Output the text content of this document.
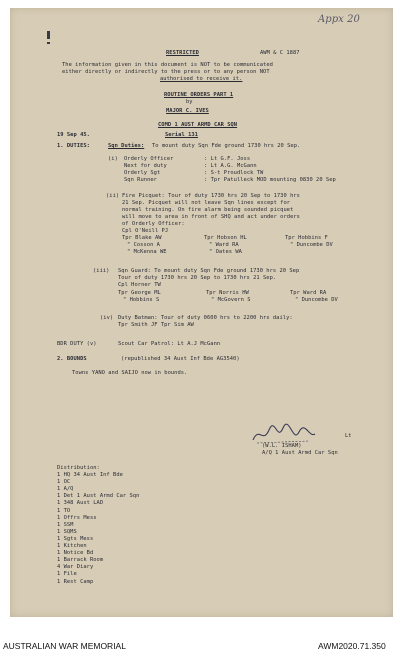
Appx 20
RESTRICTED	AWM & C 1887
The information given in this document is NOT to be communicated
either directly or indirectly to the press or to any person NOT
authorised to receive it.
ROUTINE ORDERS PART 1
by
MAJOR C. IVES
COMD 1 AUST ARMD CAR SQN
19 Sep 45.	Serial 131
1. DUTIES:	Sqn Duties: To mount duty Sqn Fde ground 1730 hrs 20 Sep.
(i) Orderly Officer	: Lt G.F. Joss
Next for duty	: Lt A.G. McGann
Orderly Sgt	: S-t Proudlock TW
Sqn Runner	: Tpr Patulleck MOD mounting 0830 20 Sep
(ii) Fire Picquet: Tour of duty 1730 hrs 20 Sep to 1730 hrs
21 Sep. Picquet will not leave Sqn lines except for
normal training. On fire alarm being sounded picquet
will move to area in front of SHQ and act under orders
of Orderly Officer:
Cpl O'Neill PJ
Tpr Blake AW	Tpr Hobson HL	Tpr Hobbins F
" Cosson A	" Ward RA	" Duncombe DV
" McKenna WE	" Oates WA
(iii) Sqn Guard: To mount duty Sqn Fde ground 1730 hrs 20 Sep
Tour of duty 1730 hrs 20 Sep to 1730 hrs 21 Sep.
Cpl Horner TW
Tpr George ML	Tpr Norris HW	Tpr Ward RA
" Hobbins S	" McGovern S	" Duncombe DV
(iv) Duty Batman: Tour of duty 0600 hrs to 2200 hrs daily:
Tpr Smith JF Tpr Sim AW
BDR DUTY (v)	Scout Car Patrol: Lt A.J McGann
2. BOUNDS	(republished 34 Aust Inf Bde AG3540)
Towns YANO and SAIJO now in bounds.
Lt
(W.L. ISHAM)
A/Q 1 Aust Armd Car Sqn
Distribution:
1 HQ 34 Aust Inf Bde
1 OC
1 A/Q
1 Det 1 Aust Armd Car Sqn
1 348 Aust LAD
1 TO
1 Offrs Mess
1 SSM
1 SQMS
1 Sgts Mess
1 Kitchen
1 Notice Bd
1 Barrack Room
4 War Diary
1 File
1 Rest Camp
AUSTRALIAN WAR MEMORIAL	AWM2020.71.350
